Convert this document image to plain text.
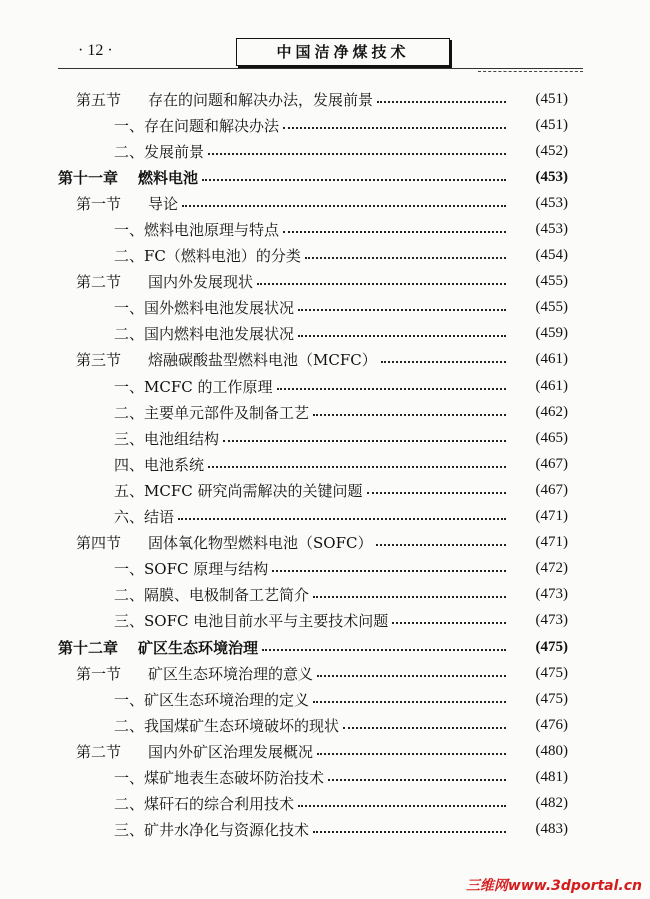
· 12 ·	中国洁净煤技术
第五节	存在的问题和解决办法，发展前景	(451)
一、 存在问题和解决办法	(451)
二、 发展前景	(452)
第十一章	燃料电池	(453)
第一节	导论	(453)
一、 燃料电池原理与特点	(453)
二、 FC（燃料电池）的分类	(454)
第二节	国内外发展现状	(455)
一、 国外燃料电池发展状况	(455)
二、 国内燃料电池发展状况	(459)
第三节	熔融碳酸盐型燃料电池（MCFC）	(461)
一、 MCFC 的工作原理	(461)
二、 主要单元部件及制备工艺	(462)
三、 电池组结构	(465)
四、 电池系统	(467)
五、 MCFC 研究尚需解决的关键问题	(467)
六、 结语	(471)
第四节	固体氧化物型燃料电池（SOFC）	(471)
一、 SOFC 原理与结构	(472)
二、 隔膜、电极制备工艺简介	(473)
三、 SOFC 电池目前水平与主要技术问题	(473)
第十二章	矿区生态环境治理	(475)
第一节	矿区生态环境治理的意义	(475)
一、 矿区生态环境治理的定义	(475)
二、 我国煤矿生态环境破坏的现状	(476)
第二节	国内外矿区治理发展概况	(480)
一、 煤矿地表生态破坏防治技术	(481)
二、 煤矸石的综合利用技术	(482)
三、 矿井水净化与资源化技术	(483)
三维网www.3dportal.cn
